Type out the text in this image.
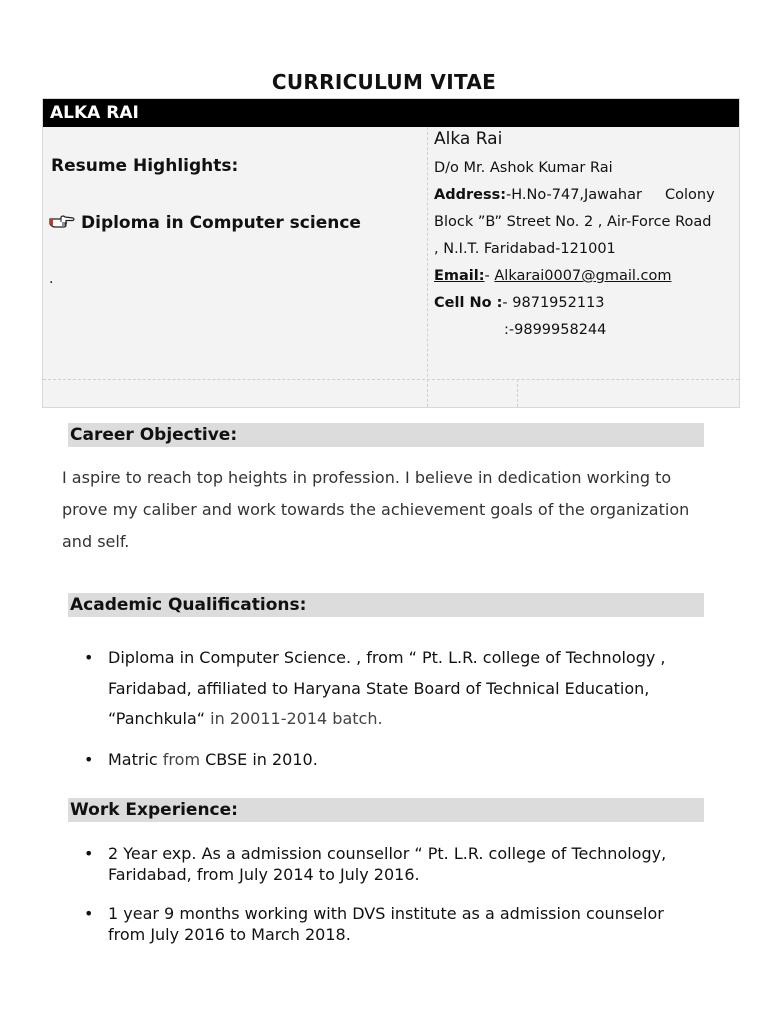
CURRICULUM VITAE
ALKA RAI
Resume Highlights:
Diploma in Computer science
.
Alka Rai
D/o Mr. Ashok Kumar Rai
Address:-H.No-747,Jawahar     Colony
Block ”B” Street No. 2 , Air-Force Road
, N.I.T. Faridabad-121001
Email:- Alkarai0007@gmail.com
Cell No :- 9871952113
:-9899958244
Career Objective:
I aspire to reach top heights in profession. I believe in dedication working to prove my caliber and work towards the achievement goals of the organization and self.
Academic Qualifications:
• Diploma in Computer Science. , from “ Pt. L.R. college of Technology , Faridabad, affiliated to Haryana State Board of Technical Education, “Panchkula“ in 20011-2014 batch.
• Matric from CBSE in 2010.
Work Experience:
• 2 Year exp. As a admission counsellor “ Pt. L.R. college of Technology, Faridabad, from July 2014 to July 2016.
• 1 year 9 months working with DVS institute as a admission counselor from July 2016 to March 2018.
